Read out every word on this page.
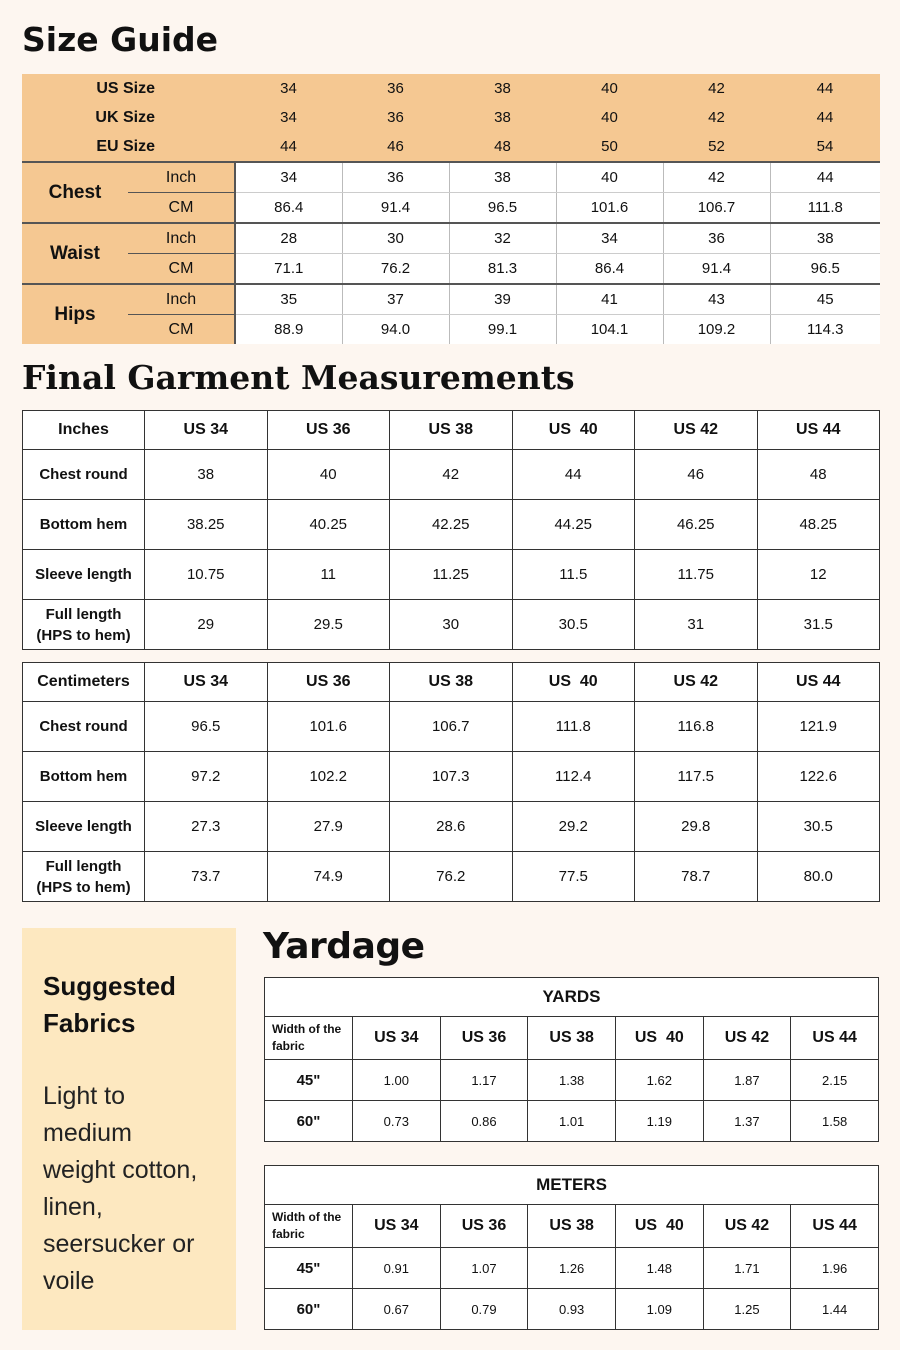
Size Guide
US Size		34	36	38	40	42	44
UK Size		34	36	38	40	42	44
EU Size		44	46	48	50	52	54
Chest	Inch	34	36	38	40	42	44
	CM	86.4	91.4	96.5	101.6	106.7	111.8
Waist	Inch	28	30	32	34	36	38
	CM	71.1	76.2	81.3	86.4	91.4	96.5
Hips	Inch	35	37	39	41	43	45
	CM	88.9	94.0	99.1	104.1	109.2	114.3
Final Garment Measurements
Inches	US 34	US 36	US 38	US  40	US 42	US 44

Chest round	38	40	42	44	46	48

Bottom hem	38.25	40.25	42.25	44.25	46.25	48.25

Sleeve length	10.75	11	11.25	11.5	11.75	12

Full length
(HPS to hem)	29	29.5	30	30.5	31	31.5
Centimeters	US 34	US 36	US 38	US  40	US 42	US 44

Chest round	96.5	101.6	106.7	111.8	116.8	121.9

Bottom hem	97.2	102.2	107.3	112.4	117.5	122.6

Sleeve length	27.3	27.9	28.6	29.2	29.8	30.5

Full length
(HPS to hem)	73.7	74.9	76.2	77.5	78.7	80.0
Suggested
Fabrics
Light to
medium
weight cotton,
linen,
seersucker or
voile
Yardage
YARDS						

Width of the
fabric	US 34	US 36	US 38	US  40	US 42	US 44
45"	1.00	1.17	1.38	1.62	1.87	2.15
60"	0.73	0.86	1.01	1.19	1.37	1.58
METERS						

Width of the
fabric	US 34	US 36	US 38	US  40	US 42	US 44
45"	0.91	1.07	1.26	1.48	1.71	1.96
60"	0.67	0.79	0.93	1.09	1.25	1.44
